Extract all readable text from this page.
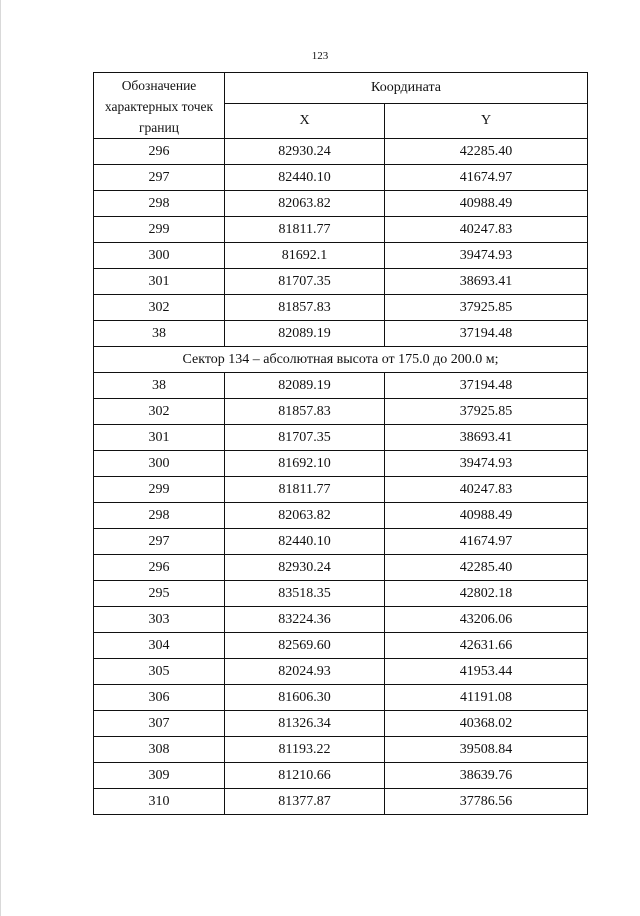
123
Обозначение характерных точек границ	Координата	
	X	Y
296	82930.24	42285.40
297	82440.10	41674.97
298	82063.82	40988.49
299	81811.77	40247.83
300	81692.1	39474.93
301	81707.35	38693.41
302	81857.83	37925.85
38	82089.19	37194.48
Сектор 134 – абсолютная высота от 175.0 до 200.0 м;		
38	82089.19	37194.48
302	81857.83	37925.85
301	81707.35	38693.41
300	81692.10	39474.93
299	81811.77	40247.83
298	82063.82	40988.49
297	82440.10	41674.97
296	82930.24	42285.40
295	83518.35	42802.18
303	83224.36	43206.06
304	82569.60	42631.66
305	82024.93	41953.44
306	81606.30	41191.08
307	81326.34	40368.02
308	81193.22	39508.84
309	81210.66	38639.76
310	81377.87	37786.56
